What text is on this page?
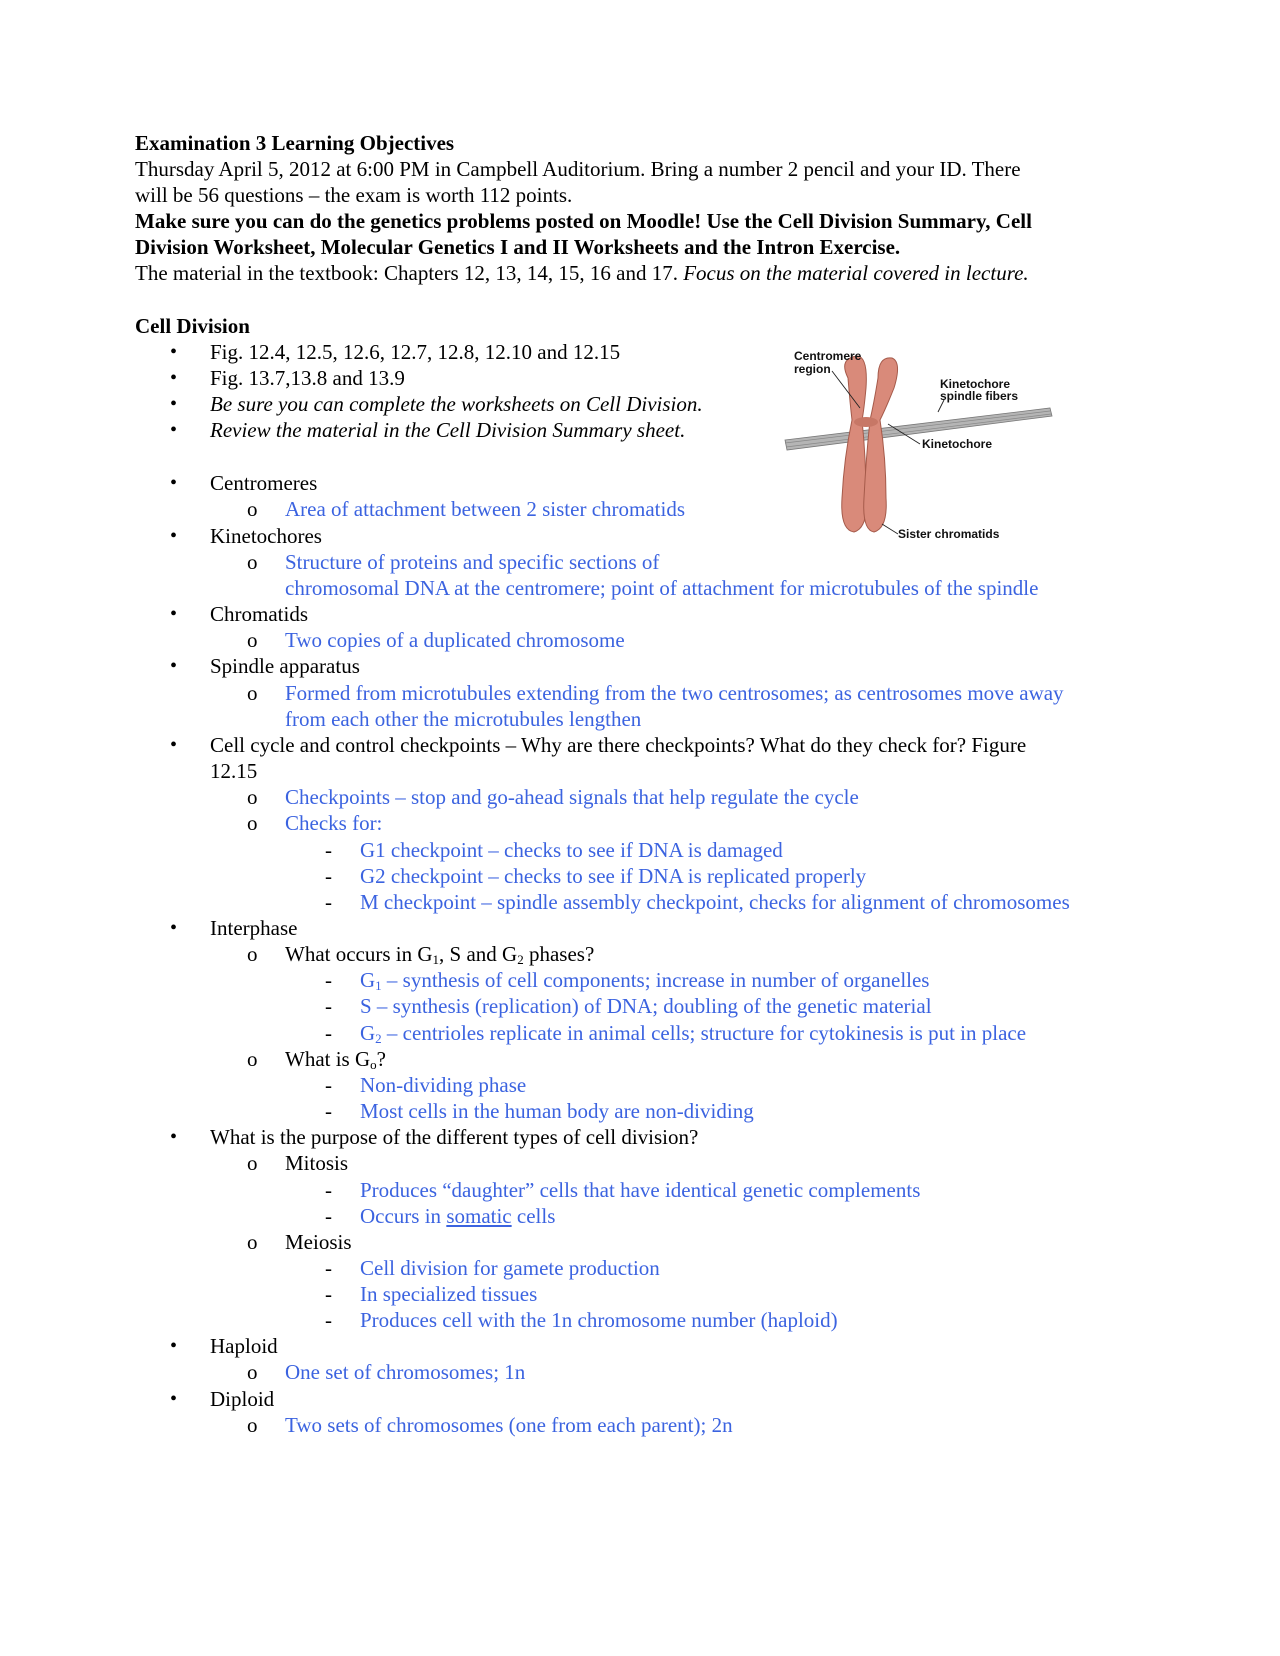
Examination 3 Learning Objectives
Thursday April 5, 2012 at 6:00 PM in Campbell Auditorium. Bring a number 2 pencil and your ID. There
will be 56 questions – the exam is worth 112 points.
Make sure you can do the genetics problems posted on Moodle! Use the Cell Division Summary, Cell
Division Worksheet, Molecular Genetics I and II Worksheets and the Intron Exercise.
The material in the textbook: Chapters 12, 13, 14, 15, 16 and 17. Focus on the material covered in lecture.
Cell Division
• Fig. 12.4, 12.5, 12.6, 12.7, 12.8, 12.10 and 12.15
• Fig. 13.7,13.8 and 13.9
• Be sure you can complete the worksheets on Cell Division.
• Review the material in the Cell Division Summary sheet.
• Centromeres
o Area of attachment between 2 sister chromatids
• Kinetochores
o Structure of proteins and specific sections of
chromosomal DNA at the centromere; point of attachment for microtubules of the spindle
• Chromatids
o Two copies of a duplicated chromosome
• Spindle apparatus
o Formed from microtubules extending from the two centrosomes; as centrosomes move away
from each other the microtubules lengthen
• Cell cycle and control checkpoints – Why are there checkpoints? What do they check for? Figure
12.15
o Checkpoints – stop and go-ahead signals that help regulate the cycle
o Checks for:
- G1 checkpoint – checks to see if DNA is damaged
- G2 checkpoint – checks to see if DNA is replicated properly
- M checkpoint – spindle assembly checkpoint, checks for alignment of chromosomes
• Interphase
o What occurs in $G_1$, S and $G_2$ phases?
- $G_1$ – synthesis of cell components; increase in number of organelles
- S – synthesis (replication) of DNA; doubling of the genetic material
- $G_2$ – centrioles replicate in animal cells; structure for cytokinesis is put in place
o What is $G_o$?
- Non-dividing phase
- Most cells in the human body are non-dividing
• What is the purpose of the different types of cell division?
o Mitosis
- Produces “daughter” cells that have identical genetic complements
- Occurs in somatic cells
o Meiosis
- Cell division for gamete production
- In specialized tissues
- Produces cell with the 1n chromosome number (haploid)
• Haploid
o One set of chromosomes; 1n
• Diploid
o Two sets of chromosomes (one from each parent); 2n
Centromere
region
Kinetochore
spindle fibers
Kinetochore
Sister chromatids
